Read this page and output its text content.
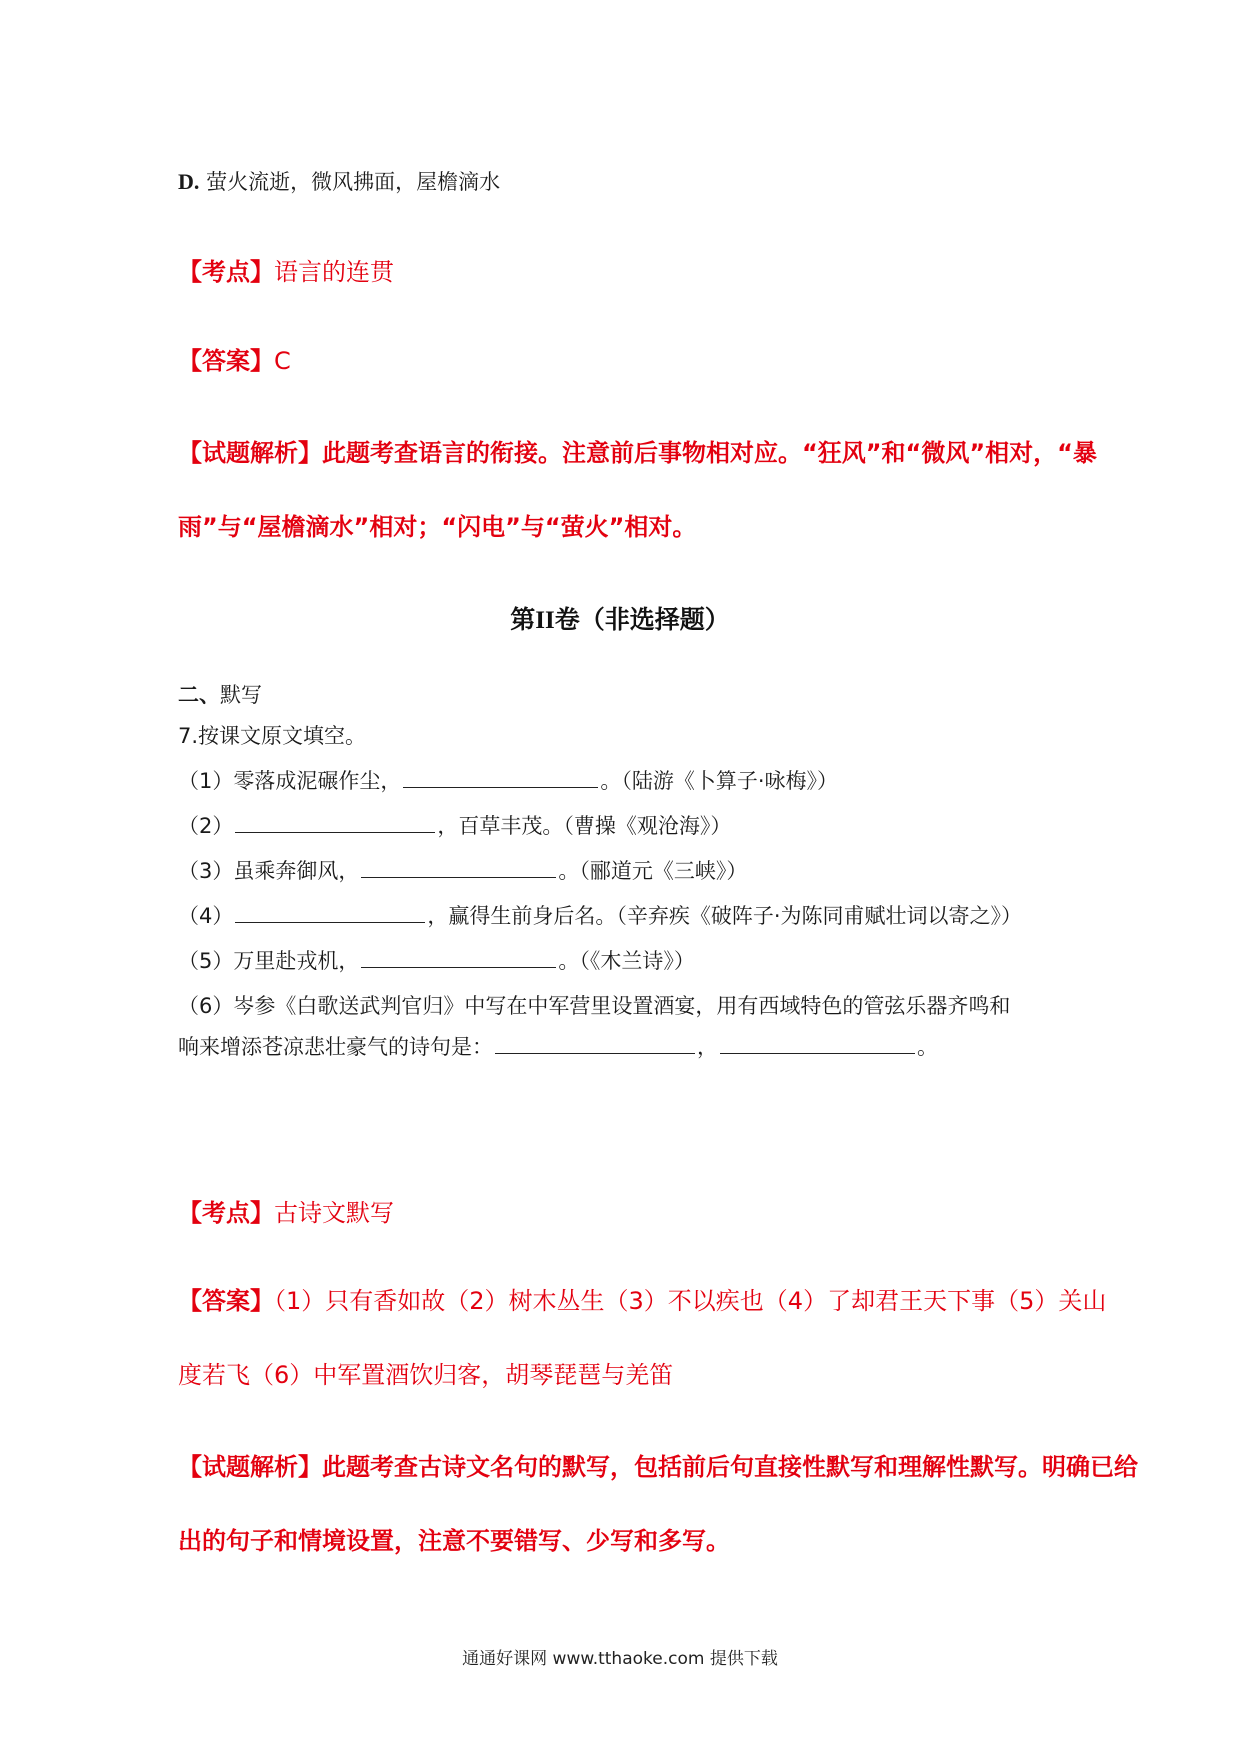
D. 萤火流逝，微风拂面，屋檐滴水
【考点】语言的连贯
【答案】C
【试题解析】此题考查语言的衔接。注意前后事物相对应。“狂风”和“微风”相对，“暴
雨”与“屋檐滴水”相对；“闪电”与“萤火”相对。
第II卷（非选择题）
二、默写
7.按课文原文填空。
（1）零落成泥碾作尘，	。（陆游《卜算子·咏梅》）
（2）	，百草丰茂。（曹操《观沧海》）
（3）虽乘奔御风，	。（郦道元《三峡》）
（4）	，赢得生前身后名。（辛弃疾《破阵子·为陈同甫赋壮词以寄之》）
（5）万里赴戎机，	。（《木兰诗》）
（6）岑参《白歌送武判官归》中写在中军营里设置酒宴，用有西域特色的管弦乐器齐鸣和
响来增添苍凉悲壮豪气的诗句是：	，	。
【考点】古诗文默写
【答案】（1）只有香如故（2）树木丛生（3）不以疾也（4）了却君王天下事（5）关山
度若飞（6）中军置酒饮归客，胡琴琵琶与羌笛
【试题解析】此题考查古诗文名句的默写，包括前后句直接性默写和理解性默写。明确已给
出的句子和情境设置，注意不要错写、少写和多写。
通通好课网 www.tthaoke.com 提供下载
